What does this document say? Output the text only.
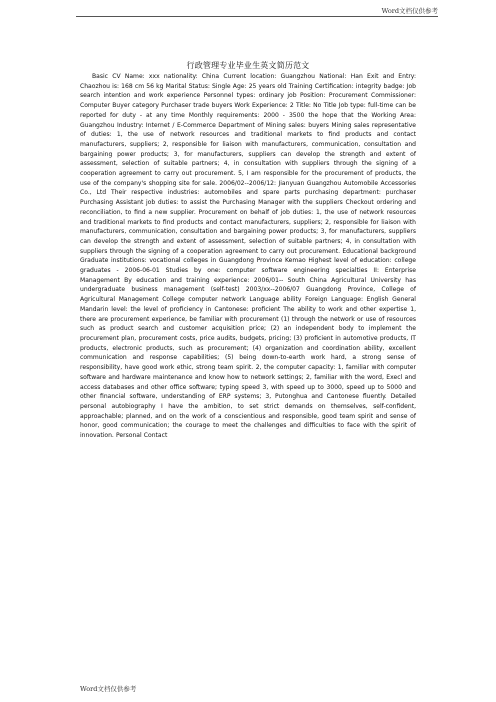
Word文档仅供参考
行政管理专业毕业生英文简历范文

Basic CV Name: xxx nationality: China Current location: Guangzhou National: Han Exit and Entry: Chaozhou is: 168 cm 56 kg Marital Status: Single Age: 25 years old Training Certification: integrity badge: Job search intention and work experience Personnel types: ordinary job Position: Procurement Commissioner: Computer Buyer category Purchaser trade buyers Work Experience: 2 Title: No Title Job type: full-time can be reported for duty - at any time Monthly requirements: 2000 - 3500 the hope that the Working Area: Guangzhou Industry: Internet / E-Commerce Department of Mining sales: buyers Mining sales representative of duties: 1, the use of network resources and traditional markets to find products and contact manufacturers, suppliers; 2, responsible for liaison with manufacturers, communication, consultation and bargaining power products; 3, for manufacturers, suppliers can develop the strength and extent of assessment, selection of suitable partners; 4, in consultation with suppliers through the signing of a cooperation agreement to carry out procurement. 5, I am responsible for the procurement of products, the use of the company's shopping site for sale. 2006/02--2006/12: Jianyuan Guangzhou Automobile Accessories Co., Ltd Their respective industries: automobiles and spare parts purchasing department: purchaser Purchasing Assistant job duties: to assist the Purchasing Manager with the suppliers Checkout ordering and reconciliation, to find a new supplier. Procurement on behalf of job duties: 1, the use of network resources and traditional markets to find products and contact manufacturers, suppliers; 2, responsible for liaison with manufacturers, communication, consultation and bargaining power products; 3, for manufacturers, suppliers can develop the strength and extent of assessment, selection of suitable partners; 4, in consultation with suppliers through the signing of a cooperation agreement to carry out procurement. Educational background Graduate institutions: vocational colleges in Guangdong Province Kemao Highest level of education: college graduates - 2006-06-01 Studies by one: computer software engineering specialties II: Enterprise Management By education and training experience: 2006/01-- South China Agricultural University has undergraduate business management (self-test) 2003/xx--2006/07 Guangdong Province, College of Agricultural Management College computer network Language ability Foreign Language: English General Mandarin level: the level of proficiency in Cantonese: proficient The ability to work and other expertise 1, there are procurement experience, be familiar with procurement (1) through the network or use of resources such as product search and customer acquisition price; (2) an independent body to implement the procurement plan, procurement costs, price audits, budgets, pricing; (3) proficient in automotive products, IT products, electronic products, such as procurement; (4) organization and coordination ability, excellent communication and response capabilities; (5) being down-to-earth work hard, a strong sense of responsibility, have good work ethic, strong team spirit. 2, the computer capacity: 1, familiar with computer software and hardware maintenance and know how to network settings; 2, familiar with the word, Execl and access databases and other office software; typing speed 3, with speed up to 3000, speed up to 5000 and other financial software, understanding of ERP systems; 3, Putonghua and Cantonese fluently. Detailed personal autobiography I have the ambition, to set strict demands on themselves, self-confident, approachable; planned, and on the work of a conscientious and responsible, good team spirit and sense of honor, good communication; the courage to meet the challenges and difficulties to face with the spirit of innovation. Personal Contact

Word文档仅供参考
